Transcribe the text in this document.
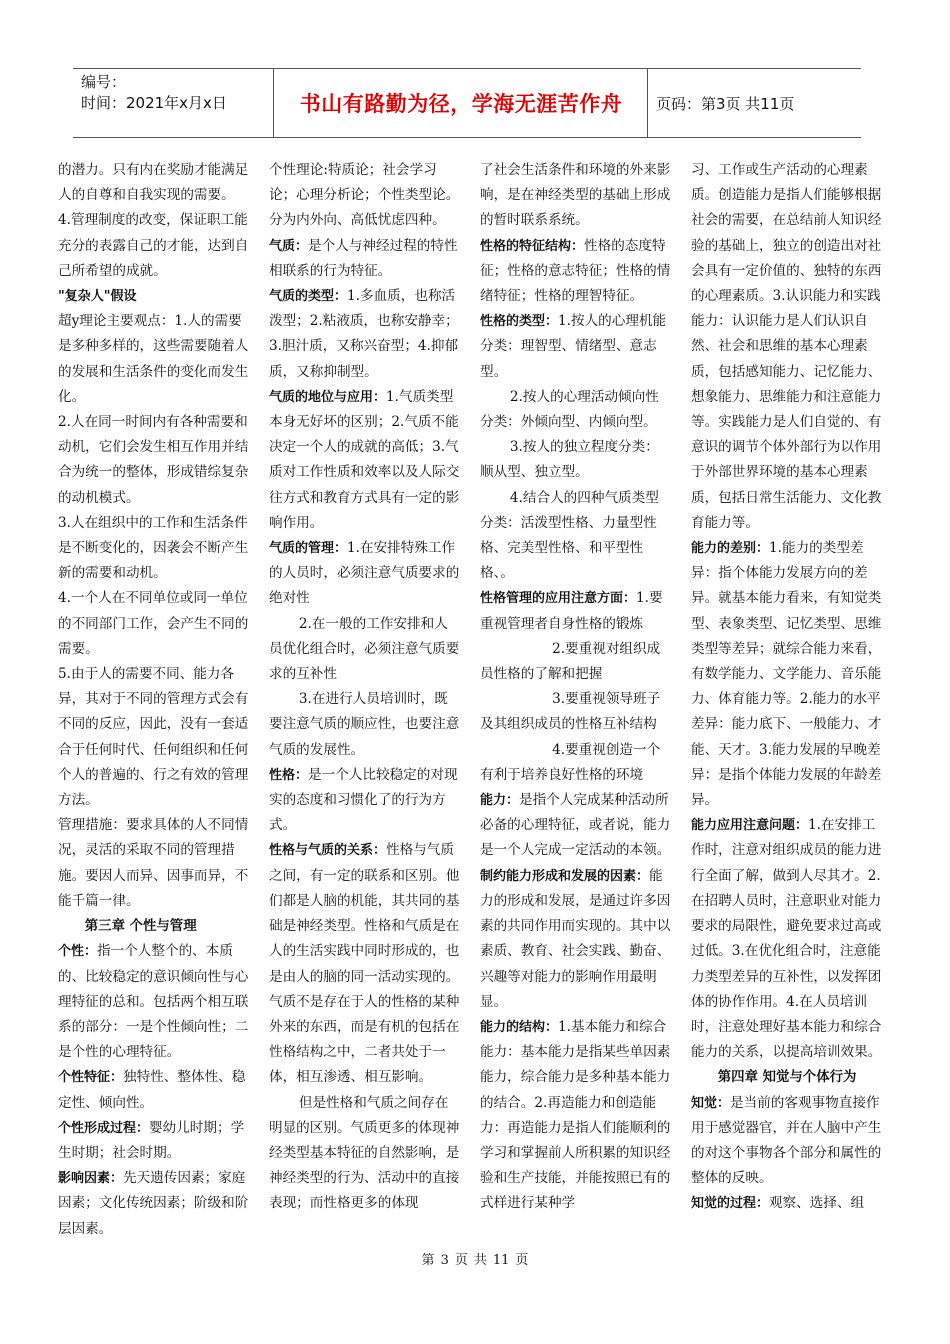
编号：
时间：2021年x月x日	书山有路勤为径，学海无涯苦作舟	页码：第3页 共11页

的潜力。只有内在奖励才能满足人的自尊和自我实现的需要。

4.管理制度的改变，保证职工能充分的表露自己的才能，达到自己所希望的成就。

"复杂人"假设

超y理论主要观点：1.人的需要是多种多样的，这些需要随着人的发展和生活条件的变化而发生化。

2.人在同一时间内有各种需要和动机，它们会发生相互作用并结合为统一的整体，形成错综复杂的动机模式。

3.人在组织中的工作和生活条件是不断变化的，因袭会不断产生新的需要和动机。

4.一个人在不同单位或同一单位的不同部门工作，会产生不同的需要。

5.由于人的需要不同、能力各异，其对于不同的管理方式会有不同的反应，因此，没有一套适合于任何时代、任何组织和任何个人的普遍的、行之有效的管理方法。

管理措施：要求具体的人不同情况，灵活的采取不同的管理措施。要因人而异、因事而异，不能千篇一律。

第三章 个性与管理

个性：指一个人整个的、本质的、比较稳定的意识倾向性与心理特征的总和。包括两个相互联系的部分：一是个性倾向性；二是个性的心理特征。

个性特征：独特性、整体性、稳定性、倾向性。

个性形成过程：婴幼儿时期；学生时期；社会时期。

影响因素：先天遗传因素；家庭因素；文化传统因素；阶级和阶层因素。

个性理论:特质论；社会学习论；心理分析论；个性类型论。分为内外向、高低忧虑四种。

气质：是个人与神经过程的特性相联系的行为特征。

气质的类型：1.多血质，也称活泼型；2.粘液质，也称安静幸；3.胆汁质，又称兴奋型；4.抑郁质，又称抑制型。

气质的地位与应用：1.气质类型本身无好坏的区别；2.气质不能决定一个人的成就的高低；3.气质对工作性质和效率以及人际交往方式和教育方式具有一定的影响作用。

气质的管理：1.在安排特殊工作的人员时，必须注意气质要求的绝对性

2.在一般的工作安排和人员优化组合时，必须注意气质要求的互补性

3.在进行人员培训时，既要注意气质的顺应性，也要注意气质的发展性。

性格：是一个人比较稳定的对现实的态度和习惯化了的行为方式。

性格与气质的关系：性格与气质之间，有一定的联系和区别。他们都是人脑的机能，其共同的基础是神经类型。性格和气质是在人的生活实践中同时形成的，也是由人的脑的同一活动实现的。气质不是存在于人的性格的某种外来的东西，而是有机的包括在性格结构之中，二者共处于一体，相互渗透、相互影响。

但是性格和气质之间存在明显的区别。气质更多的体现神经类型基本特征的自然影响，是神经类型的行为、活动中的直接表现；而性格更多的体现

了社会生活条件和环境的外来影响，是在神经类型的基础上形成的暂时联系系统。

性格的特征结构：性格的态度特征；性格的意志特征；性格的情绪特征；性格的理智特征。

性格的类型：1.按人的心理机能分类：理智型、情绪型、意志型。

2.按人的心理活动倾向性分类：外倾向型、内倾向型。

3.按人的独立程度分类：顺从型、独立型。

4.结合人的四种气质类型分类：活泼型性格、力量型性格、完美型性格、和平型性格、。

性格管理的应用注意方面：1.要重视管理者自身性格的锻炼

2.要重视对组织成员性格的了解和把握

3.要重视领导班子及其组织成员的性格互补结构

4.要重视创造一个有利于培养良好性格的环境

能力：是指个人完成某种活动所必备的心理特征，或者说，能力是一个人完成一定活动的本领。

制约能力形成和发展的因素：能力的形成和发展，是通过许多因素的共同作用而实现的。其中以素质、教育、社会实践、勤奋、兴趣等对能力的影响作用最明显。

能力的结构：1.基本能力和综合能力：基本能力是指某些单因素能力，综合能力是多种基本能力的结合。2.再造能力和创造能力：再造能力是指人们能顺利的学习和掌握前人所积累的知识经验和生产技能，并能按照已有的式样进行某种学

习、工作或生产活动的心理素质。创造能力是指人们能够根据社会的需要，在总结前人知识经验的基础上，独立的创造出对社会具有一定价值的、独特的东西的心理素质。3.认识能力和实践能力：认识能力是人们认识自然、社会和思维的基本心理素质，包括感知能力、记忆能力、想象能力、思维能力和注意能力等。实践能力是人们自觉的、有意识的调节个体外部行为以作用于外部世界环境的基本心理素质，包括日常生活能力、文化教育能力等。

能力的差别：1.能力的类型差异：指个体能力发展方向的差异。就基本能力看来，有知觉类型、表象类型、记忆类型、思维类型等差异；就综合能力来看，有数学能力、文学能力、音乐能力、体育能力等。2.能力的水平差异：能力底下、一般能力、才能、天才。3.能力发展的早晚差异：是指个体能力发展的年龄差异。

能力应用注意问题：1.在安排工作时，注意对组织成员的能力进行全面了解，做到人尽其才。2.在招聘人员时，注意职业对能力要求的局限性，避免要求过高或过低。3.在优化组合时，注意能力类型差异的互补性，以发挥团体的协作作用。4.在人员培训时，注意处理好基本能力和综合能力的关系，以提高培训效果。

第四章 知觉与个体行为

知觉：是当前的客观事物直接作用于感觉器官，并在人脑中产生的对这个事物各个部分和属性的整体的反映。

知觉的过程：观察、选择、组

第 3 页 共 11 页
